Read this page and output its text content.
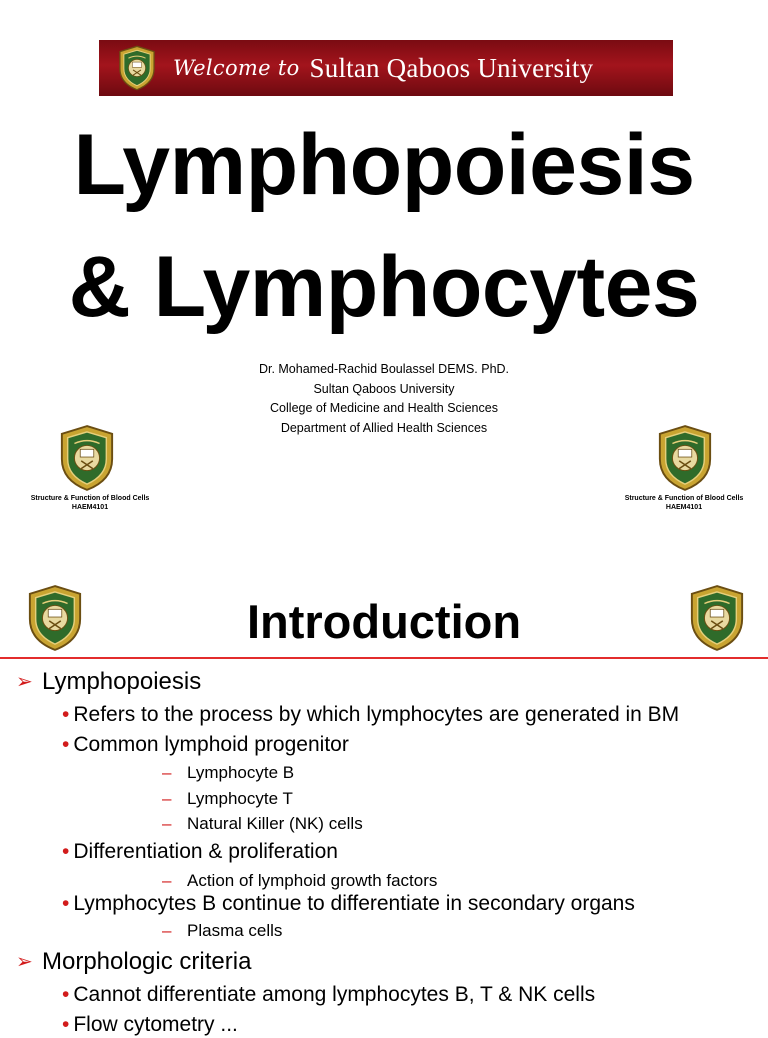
Welcome to Sultan Qaboos University
Lymphopoiesis
& Lymphocytes
Dr. Mohamed-Rachid Boulassel DEMS. PhD.
Sultan Qaboos University
College of Medicine and Health Sciences
Department of Allied Health Sciences
Structure & Function of Blood Cells
HAEM4101
Structure & Function of Blood Cells
HAEM4101
Introduction
➢ Lymphopoiesis
• Refers to the process by which lymphocytes are generated in BM
• Common lymphoid progenitor
– Lymphocyte B
– Lymphocyte T
– Natural Killer (NK) cells
• Differentiation & proliferation
– Action of lymphoid growth factors
• Lymphocytes B continue to differentiate in secondary organs
– Plasma cells
➢ Morphologic criteria
• Cannot differentiate among lymphocytes B, T & NK cells
• Flow cytometry ...
